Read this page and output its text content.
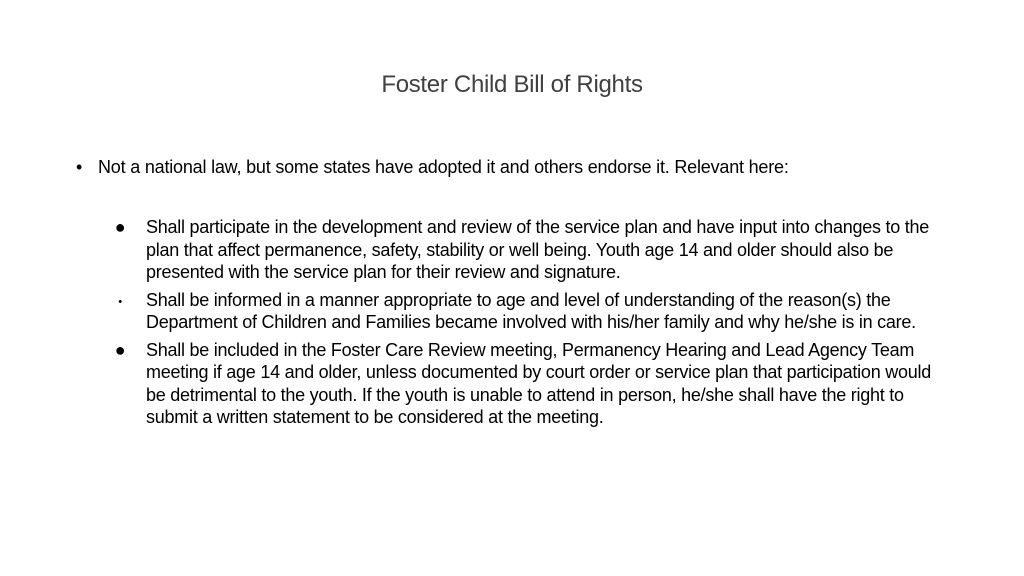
Foster Child Bill of Rights
• Not a national law, but some states have adopted it and others endorse it. Relevant here:
● Shall participate in the development and review of the service plan and have input into changes to the plan that affect permanence, safety, stability or well being. Youth age 14 and older should also be presented with the service plan for their review and signature.
• Shall be informed in a manner appropriate to age and level of understanding of the reason(s) the Department of Children and Families became involved with his/her family and why he/she is in care.
● Shall be included in the Foster Care Review meeting, Permanency Hearing and Lead Agency Team meeting if age 14 and older, unless documented by court order or service plan that participation would be detrimental to the youth. If the youth is unable to attend in person, he/she shall have the right to submit a written statement to be considered at the meeting.
